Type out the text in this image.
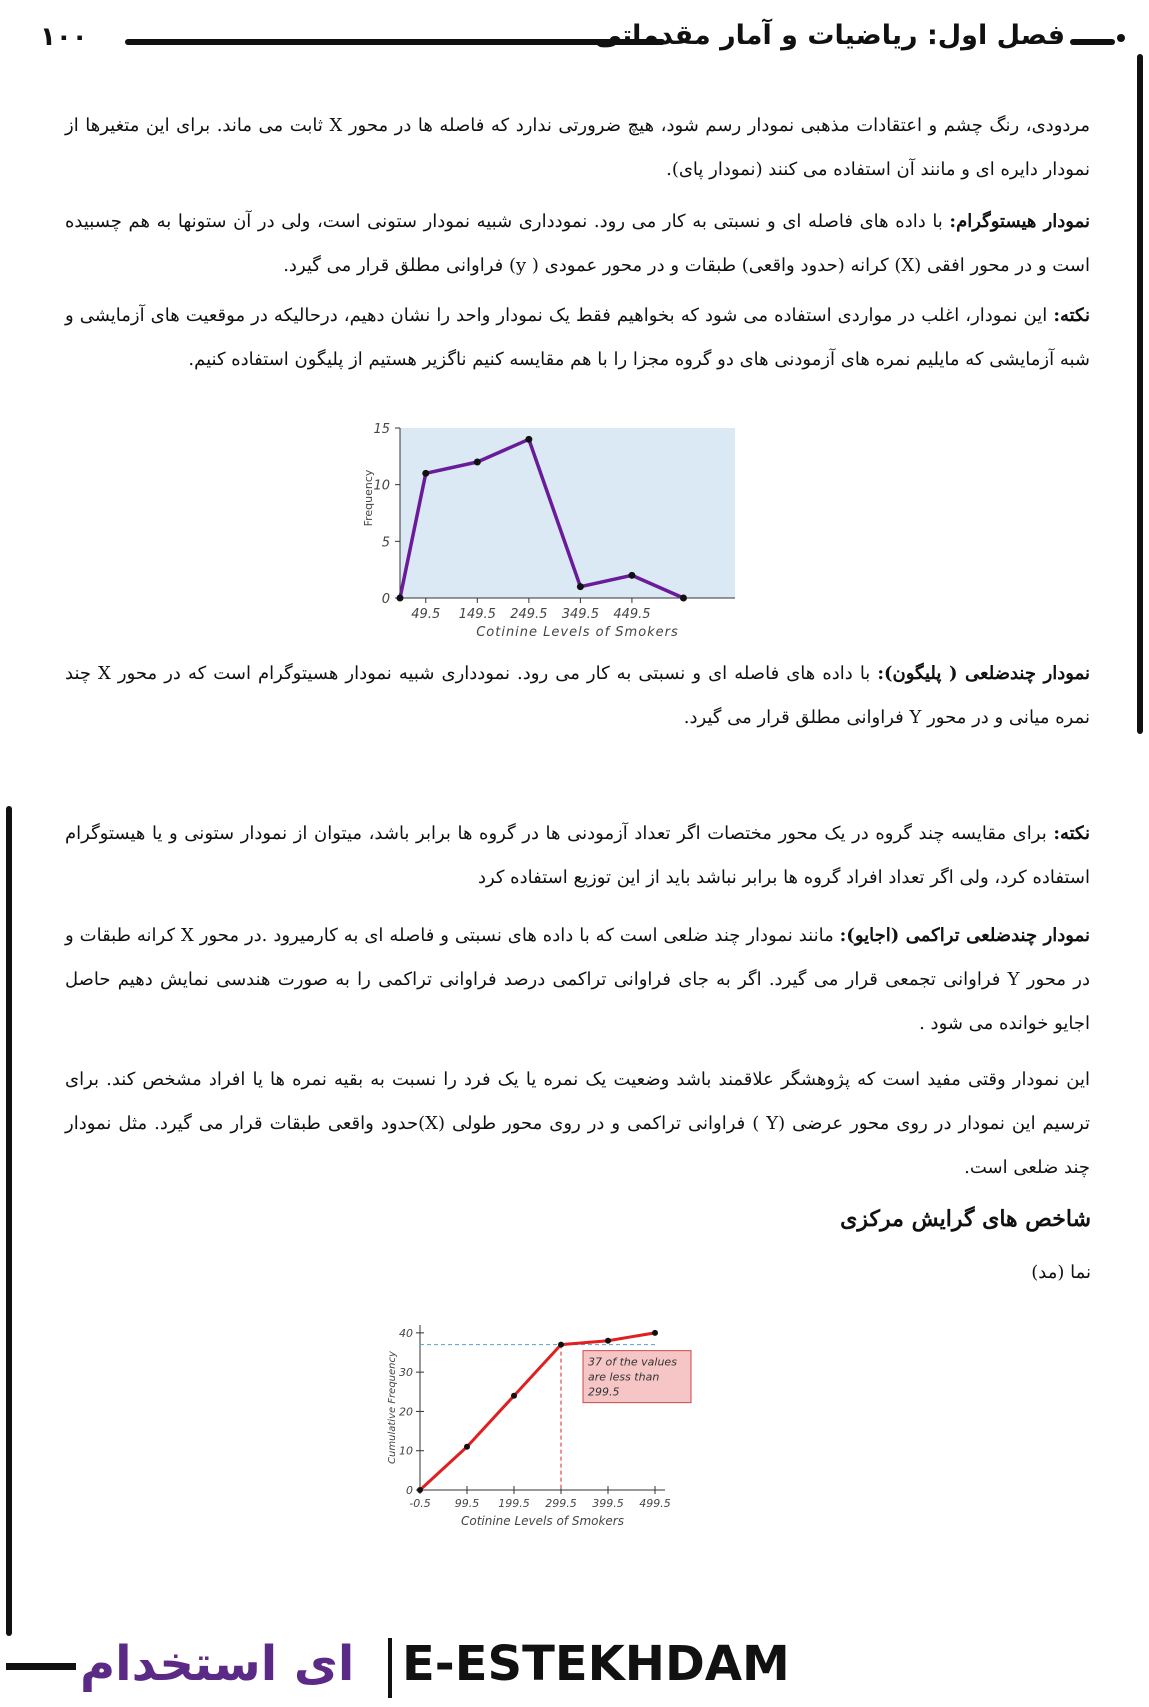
۱۰۰	فصل اول: ریاضیات و آمار مقدماتی

مردودی، رنگ چشم و اعتقادات مذهبی نمودار رسم شود، هیچ ضرورتی ندارد که فاصله ها در محور X ثابت می ماند. برای این متغیرها از نمودار دایره ای و مانند آن استفاده می کنند (نمودار پای).

نمودار هیستوگرام: با داده های فاصله ای و نسبتی به کار می رود. نمودداری شبیه نمودار ستونی است، ولی در آن ستونها به هم چسبیده است و در محور افقی (X) کرانه (حدود واقعی) طبقات و در محور عمودی ( y) فراوانی مطلق قرار می گیرد.

نکته: این نمودار، اغلب در مواردی استفاده می شود که بخواهیم فقط یک نمودار واحد را نشان دهیم، درحالیکه در موقعیت های آزمایشی و شبه آزمایشی که مایلیم نمره های آزمودنی های دو گروه مجزا را با هم مقایسه کنیم ناگزیر هستیم از پلیگون استفاده کنیم.

0
5
10
15
49.5 149.5 249.5 349.5 449.5
Cotinine Levels of Smokers
Frequency

نمودار چندضلعی ( پلیگون): با داده های فاصله ای و نسبتی به کار می رود. نمودداری شبیه نمودار هسیتوگرام است که در محور X چند نمره میانی و در محور Y فراوانی مطلق قرار می گیرد.

نکته: برای مقایسه چند گروه در یک محور مختصات اگر تعداد آزمودنی ها در گروه ها برابر باشد، میتوان از نمودار ستونی و یا هیستوگرام استفاده کرد، ولی اگر تعداد افراد گروه ها برابر نباشد باید از این توزیع استفاده کرد

نمودار چندضلعی تراکمی (اجایو): مانند نمودار چند ضلعی است که با داده های نسبتی و فاصله ای به کارمیرود .در محور X کرانه طبقات و در محور Y فراوانی تجمعی قرار می گیرد. اگر به جای فراوانی تراکمی درصد فراوانی تراکمی را به صورت هندسی نمایش دهیم حاصل اجایو خوانده می شود .

این نمودار وقتی مفید است که پژوهشگر علاقمند باشد وضعیت یک نمره یا یک فرد را نسبت به بقیه نمره ها یا افراد مشخص کند. برای ترسیم این نمودار در روی محور عرضی (Y ) فراوانی تراکمی و در روی محور طولی (X)حدود واقعی طبقات قرار می گیرد. مثل نمودار چند ضلعی است.

شاخص های گرایش مرکزی
نما (مد)
0
10
20
30
40
-0.5 99.5 199.5 299.5 399.5 499.5
Cotinine Levels of Smokers
Cumulative Frequency	37 of the values
are less than
299.5
ای استخدام E-ESTEKHDAM
